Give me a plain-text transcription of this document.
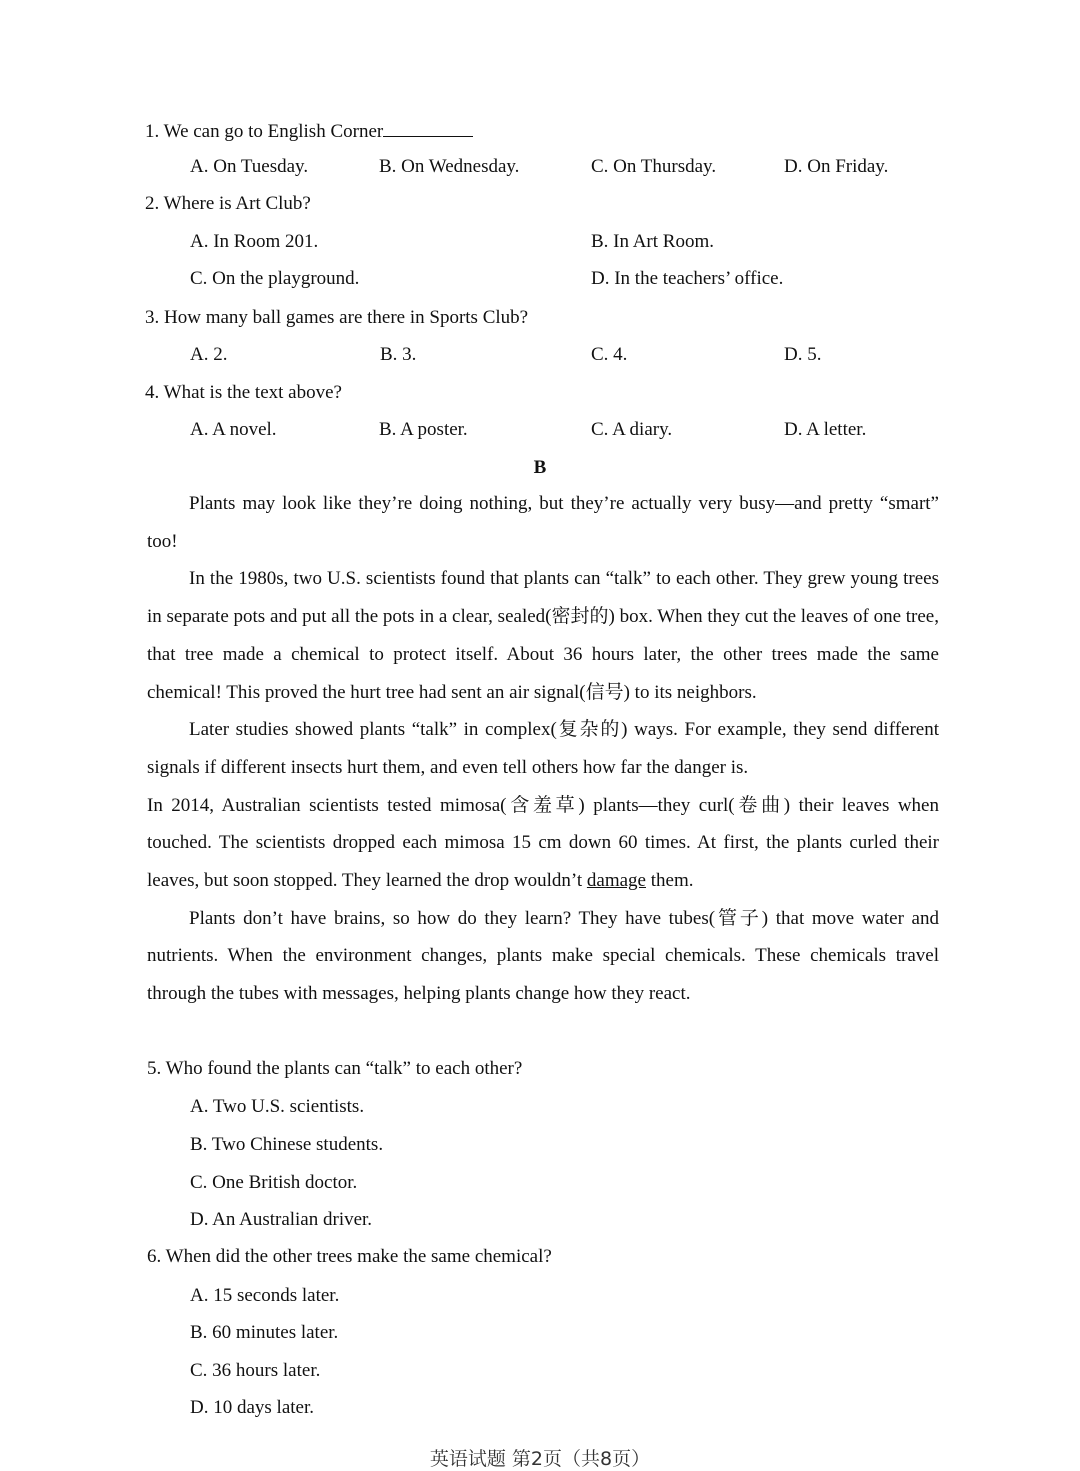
1. We can go to English Corner
A. On Tuesday.	B. On Wednesday.	C. On Thursday.	D. On Friday.
2. Where is Art Club?
A. In Room 201.	B. In Art Room.
C. On the playground.	D. In the teachers’ office.
3. How many ball games are there in Sports Club?
A. 2.	B. 3.	C. 4.	D. 5.
4. What is the text above?
A. A novel.	B. A poster.	C. A diary.	D. A letter.
B

Plants may look like they’re doing nothing, but they’re actually very busy—and pretty “smart” too!

In the 1980s, two U.S. scientists found that plants can “talk” to each other. They grew young trees in separate pots and put all the pots in a clear, sealed(密封的) box. When they cut the leaves of one tree, that tree made a chemical to protect itself. About 36 hours later, the other trees made the same chemical! This proved the hurt tree had sent an air signal(信号) to its neighbors.

Later studies showed plants “talk” in complex(复杂的) ways. For example, they send different signals if different insects hurt them, and even tell others how far the danger is.

In 2014, Australian scientists tested mimosa(含羞草) plants—they curl(卷曲) their leaves when touched. The scientists dropped each mimosa 15 cm down 60 times. At first, the plants curled their leaves, but soon stopped. They learned the drop wouldn’t damage them.

Plants don’t have brains, so how do they learn? They have tubes(管子) that move water and nutrients. When the environment changes, plants make special chemicals. These chemicals travel through the tubes with messages, helping plants change how they react.

5. Who found the plants can “talk” to each other?
A. Two U.S. scientists.
B. Two Chinese students.
C. One British doctor.
D. An Australian driver.
6. When did the other trees make the same chemical?
A. 15 seconds later.
B. 60 minutes later.
C. 36 hours later.
D. 10 days later.
英语试题 第2页（共8页）
